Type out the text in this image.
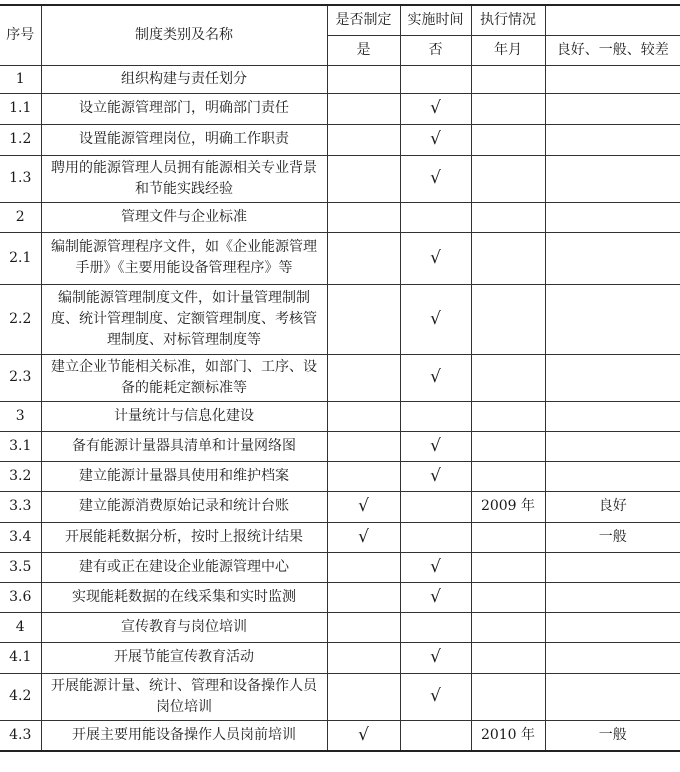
序号	制度类别及名称	是否制定	实施时间	执行情况	
		是	否	年月	良好、一般、较差
1	组织构建与责任划分				
1.1	设立能源管理部门，明确部门责任		√		
1.2	设置能源管理岗位，明确工作职责		√		
1.3	聘用的能源管理人员拥有能源相关专业背景和节能实践经验		√		
2	管理文件与企业标准				
2.1	编制能源管理程序文件，如《企业能源管理手册》《主要用能设备管理程序》等		√		
2.2	编制能源管理制度文件，如计量管理制制度、统计管理制度、定额管理制度、考核管理制度、对标管理制度等		√		
2.3	建立企业节能相关标准，如部门、工序、设备的能耗定额标准等		√		
3	计量统计与信息化建设				
3.1	备有能源计量器具清单和计量网络图		√		
3.2	建立能源计量器具使用和维护档案		√		
3.3	建立能源消费原始记录和统计台账	√		2009 年	良好
3.4	开展能耗数据分析，按时上报统计结果	√			一般
3.5	建有或正在建设企业能源管理中心		√		
3.6	实现能耗数据的在线采集和实时监测		√		
4	宣传教育与岗位培训				
4.1	开展节能宣传教育活动		√		
4.2	开展能源计量、统计、管理和设备操作人员岗位培训		√		
4.3	开展主要用能设备操作人员岗前培训	√		2010 年	一般
